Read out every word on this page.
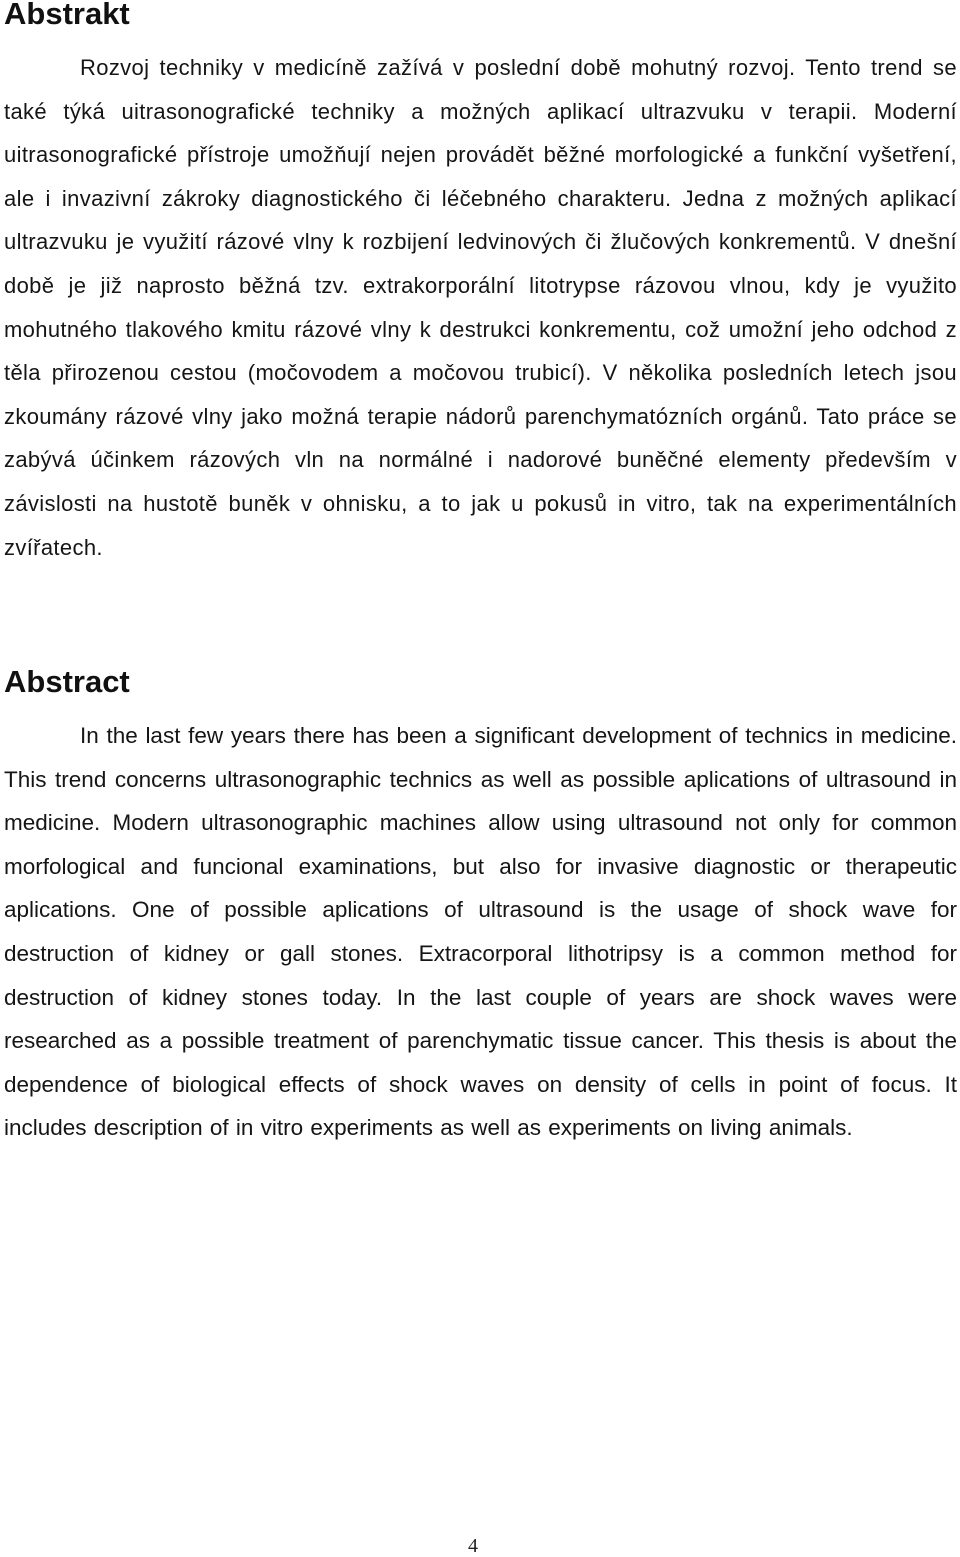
Abstrakt

Rozvoj techniky v medicíně zažívá v poslední době mohutný rozvoj. Tento trend se také týká uitrasonografické techniky a možných aplikací ultrazvuku v terapii. Moderní uitrasonografické přístroje umožňují nejen provádět běžné morfologické a funkční vyšetření, ale i invazivní zákroky diagnostického či léčebného charakteru. Jedna z možných aplikací ultrazvuku je využití rázové vlny k rozbijení ledvinových či žlučových konkrementů. V dnešní době je již naprosto běžná tzv. extrakorporální litotrypse rázovou vlnou, kdy je využito mohutného tlakového kmitu rázové vlny k destrukci konkrementu, což umožní jeho odchod z těla přirozenou cestou (močovodem a močovou trubicí). V několika posledních letech jsou zkoumány rázové vlny jako možná terapie nádorů parenchymatózních orgánů. Tato práce se zabývá účinkem rázových vln na normálné i nadorové buněčné elementy především v závislosti na hustotě buněk v ohnisku, a to jak u pokusů in vitro, tak na experimentálních zvířatech.

Abstract

In the last few years there has been a significant development of technics in medicine. This trend concerns ultrasonographic technics as well as possible aplications of ultrasound in medicine. Modern ultrasonographic machines allow using ultrasound not only for common morfological and funcional examinations, but also for invasive diagnostic or therapeutic aplications. One of possible aplications of ultrasound is the usage of shock wave for destruction of kidney or gall stones. Extracorporal lithotripsy is a common method for destruction of kidney stones today. In the last couple of years are shock waves were researched as a possible treatment of parenchymatic tissue cancer. This thesis is about the dependence of biological effects of shock waves on density of cells in point of focus. It includes description of in vitro experiments as well as experiments on living animals.

4
